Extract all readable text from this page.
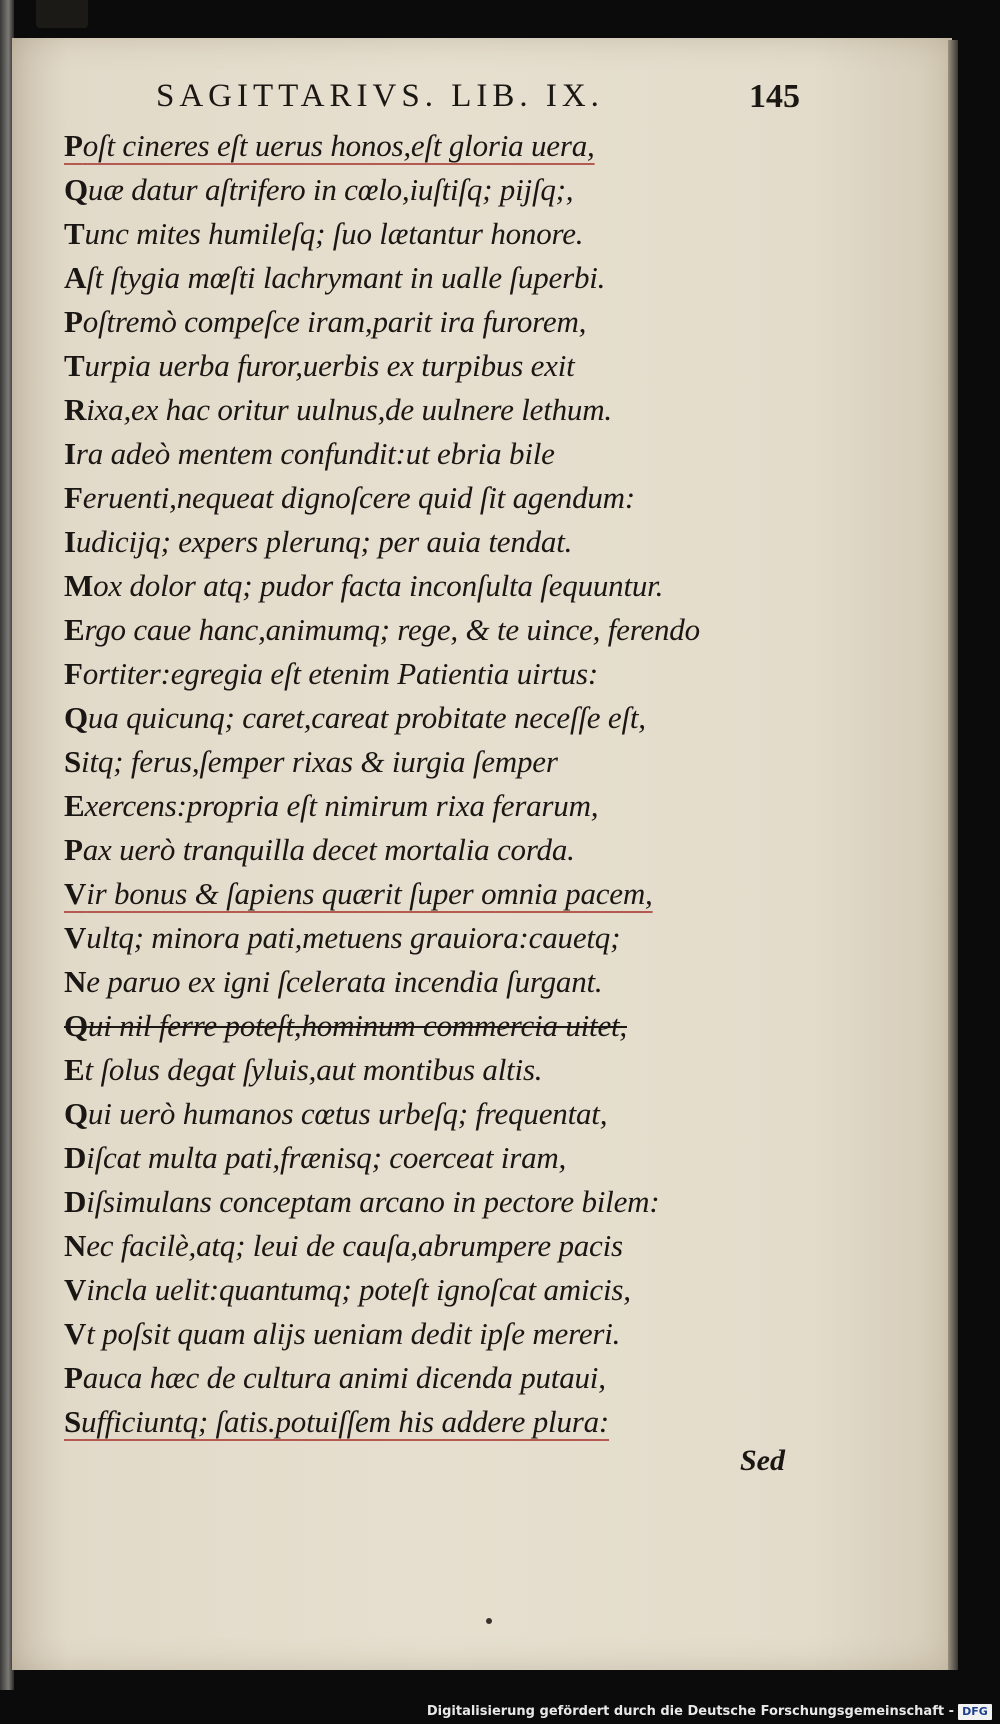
SAGITTARIVS. LIB. IX.	145
Poſt cineres eſt uerus honos,eſt gloria uera,
Quæ datur aſtrifero in cœlo,iuſtiſq; pijſq;,
Tunc mites humileſq; ſuo lætantur honore.
Aſt ſtygia mœſti lachrymant in ualle ſuperbi.
Poſtremò compeſce iram,parit ira furorem,
Turpia uerba furor,uerbis ex turpibus exit
Rixa,ex hac oritur uulnus,de uulnere lethum.
Ira adeò mentem confundit:ut ebria bile
Feruenti,nequeat dignoſcere quid ſit agendum:
Iudicijq; expers plerunq; per auia tendat.
Mox dolor atq; pudor facta inconſulta ſequuntur.
Ergo caue hanc,animumq; rege, & te uince, ferendo
Fortiter:egregia eſt etenim Patientia uirtus:
Qua quicunq; caret,careat probitate neceſſe eſt,
Sitq; ferus,ſemper rixas & iurgia ſemper
Exercens:propria eſt nimirum rixa ferarum,
Pax uerò tranquilla decet mortalia corda.
Vir bonus & ſapiens quærit ſuper omnia pacem,
Vultq; minora pati,metuens grauiora:cauetq;
Ne paruo ex igni ſcelerata incendia ſurgant.
Qui nil ferre poteſt,hominum commercia uitet,
Et ſolus degat ſyluis,aut montibus altis.
Qui uerò humanos cœtus urbeſq; frequentat,
Diſcat multa pati,frænisq; coerceat iram,
Diſsimulans conceptam arcano in pectore bilem:
Nec facilè,atq; leui de cauſa,abrumpere pacis
Vincla uelit:quantumq; poteſt ignoſcat amicis,
Vt poſsit quam alijs ueniam dedit ipſe mereri.
Pauca hæc de cultura animi dicenda putaui,
Sufficiuntq; ſatis.potuiſſem his addere plura:
Sed
Digitalisierung gefördert durch die Deutsche Forschungsgemeinschaft - DFG
